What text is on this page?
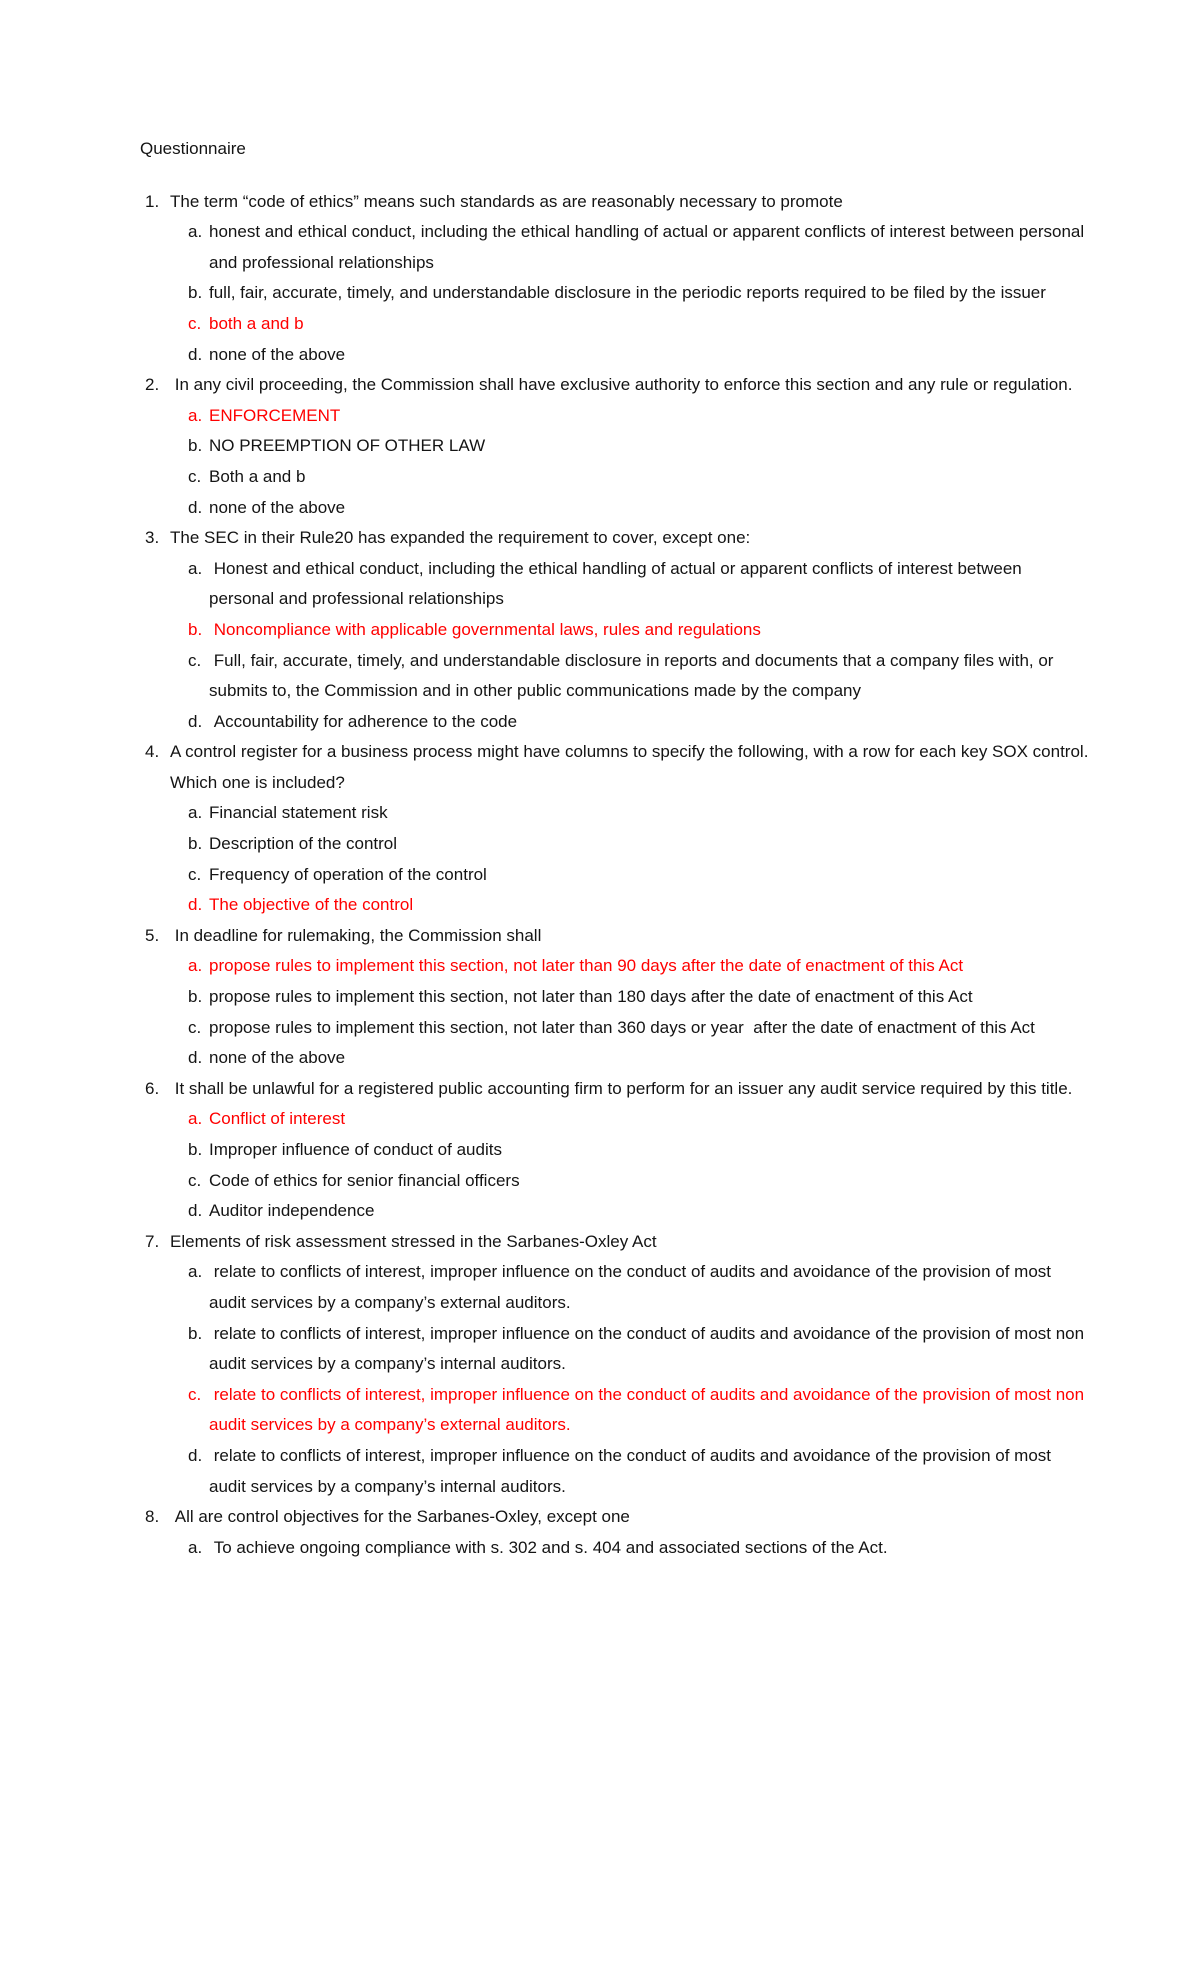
Questionnaire
1. The term “code of ethics” means such standards as are reasonably necessary to promote
a. honest and ethical conduct, including the ethical handling of actual or apparent conflicts of interest between personal and professional relationships
b. full, fair, accurate, timely, and understandable disclosure in the periodic reports required to be filed by the issuer
c. both a and b
d. none of the above
2. In any civil proceeding, the Commission shall have exclusive authority to enforce this section and any rule or regulation.
a. ENFORCEMENT
b. NO PREEMPTION OF OTHER LAW
c. Both a and b
d. none of the above
3. The SEC in their Rule20 has expanded the requirement to cover, except one:
a. Honest and ethical conduct, including the ethical handling of actual or apparent conflicts of interest between personal and professional relationships
b. Noncompliance with applicable governmental laws, rules and regulations
c. Full, fair, accurate, timely, and understandable disclosure in reports and documents that a company files with, or submits to, the Commission and in other public communications made by the company
d. Accountability for adherence to the code
4. A control register for a business process might have columns to specify the following, with a row for each key SOX control. Which one is included?
a. Financial statement risk
b. Description of the control
c. Frequency of operation of the control
d. The objective of the control
5. In deadline for rulemaking, the Commission shall
a. propose rules to implement this section, not later than 90 days after the date of enactment of this Act
b. propose rules to implement this section, not later than 180 days after the date of enactment of this Act
c. propose rules to implement this section, not later than 360 days or year  after the date of enactment of this Act
d. none of the above
6. It shall be unlawful for a registered public accounting firm to perform for an issuer any audit service required by this title.
a. Conflict of interest
b. Improper influence of conduct of audits
c. Code of ethics for senior financial officers
d. Auditor independence
7. Elements of risk assessment stressed in the Sarbanes-Oxley Act
a. relate to conflicts of interest, improper influence on the conduct of audits and avoidance of the provision of most audit services by a company’s external auditors.
b. relate to conflicts of interest, improper influence on the conduct of audits and avoidance of the provision of most non audit services by a company’s internal auditors.
c. relate to conflicts of interest, improper influence on the conduct of audits and avoidance of the provision of most non audit services by a company’s external auditors.
d. relate to conflicts of interest, improper influence on the conduct of audits and avoidance of the provision of most audit services by a company’s internal auditors.
8. All are control objectives for the Sarbanes-Oxley, except one
a. To achieve ongoing compliance with s. 302 and s. 404 and associated sections of the Act.
